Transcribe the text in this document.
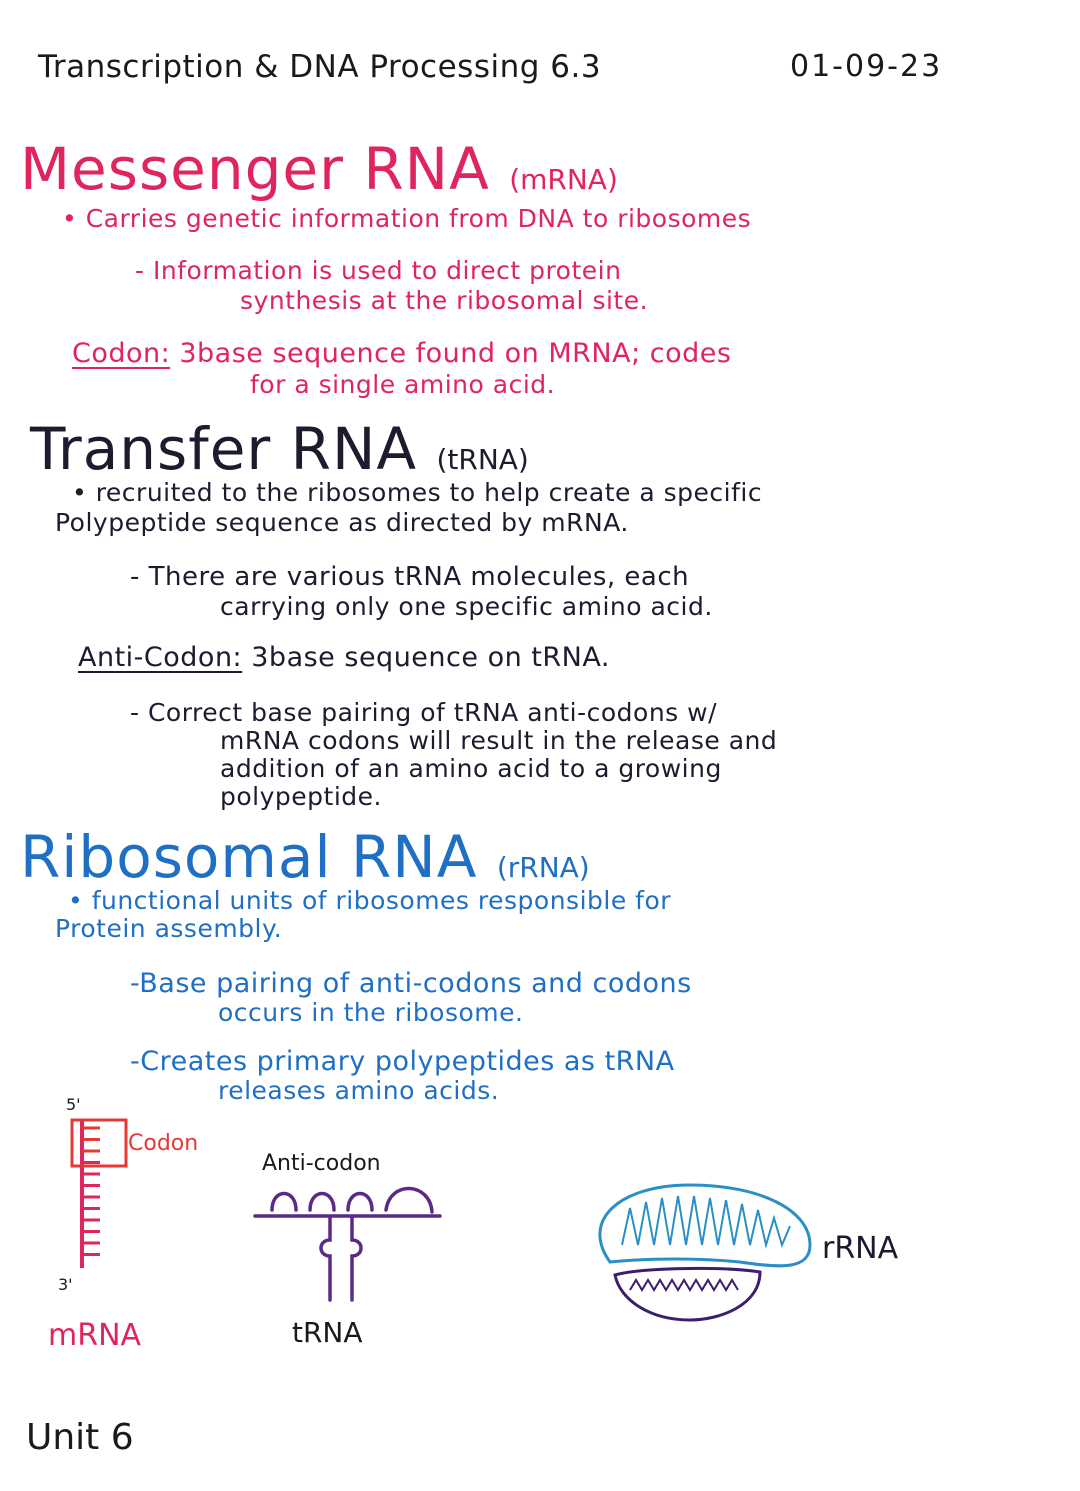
Transcription & DNA Processing 6.3	01-09-23
Messenger RNA (mRNA)
• Carries genetic information from DNA to ribosomes
- Information is used to direct protein
synthesis at the ribosomal site.
Codon: 3base sequence found on MRNA; codes
for a single amino acid.
Transfer RNA (tRNA)
• recruited to the ribosomes to help create a specific
Polypeptide sequence as directed by mRNA.
- There are various tRNA molecules, each
carrying only one specific amino acid.
Anti-Codon: 3base sequence on tRNA.
- Correct base pairing of tRNA anti-codons w/
mRNA codons will result in the release and
addition of an amino acid to a growing
polypeptide.
Ribosomal RNA (rRNA)
• functional units of ribosomes responsible for
Protein assembly.
-Base pairing of anti-codons and codons
occurs in the ribosome.
-Creates primary polypeptides as tRNA
releases amino acids.
5'
Codon
3'
mRNA
Anti-codon
tRNA
rRNA
Unit 6
